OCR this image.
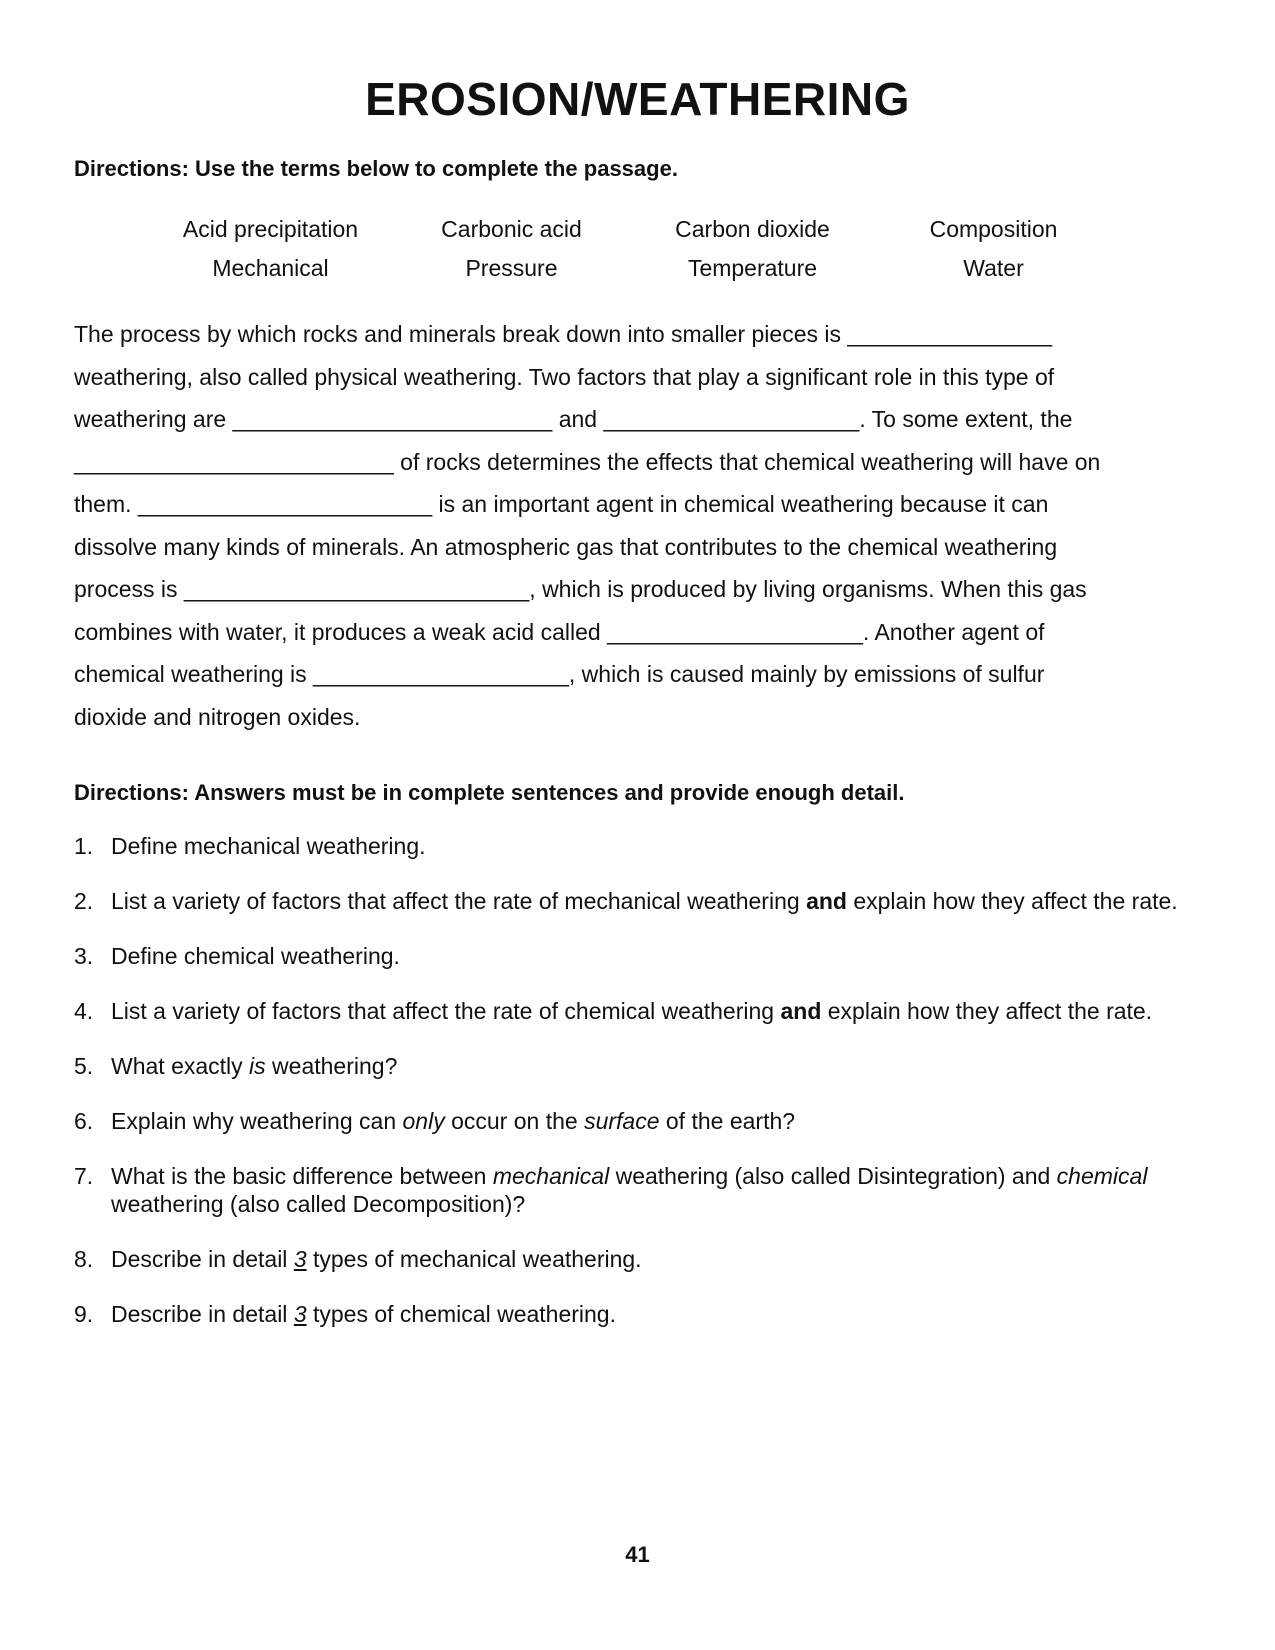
EROSION/WEATHERING

Directions: Use the terms below to complete the passage.

Acid precipitation	Carbonic acid	Carbon dioxide	Composition
Mechanical	Pressure	Temperature	Water
The process by which rocks and minerals break down into smaller pieces is ________________
weathering, also called physical weathering. Two factors that play a significant role in this type of
weathering are _________________________ and ____________________. To some extent, the
_________________________ of rocks determines the effects that chemical weathering will have on
them. _______________________ is an important agent in chemical weathering because it can
dissolve many kinds of minerals. An atmospheric gas that contributes to the chemical weathering
process is ___________________________, which is produced by living organisms. When this gas
combines with water, it produces a weak acid called ____________________. Another agent of
chemical weathering is ____________________, which is caused mainly by emissions of sulfur
dioxide and nitrogen oxides.

Directions: Answers must be in complete sentences and provide enough detail.

1. Define mechanical weathering.
2. List a variety of factors that affect the rate of mechanical weathering and explain how they affect the rate.
3. Define chemical weathering.
4. List a variety of factors that affect the rate of chemical weathering and explain how they affect the rate.
5. What exactly is weathering?
6. Explain why weathering can only occur on the surface of the earth?
7. What is the basic difference between mechanical weathering (also called Disintegration) and chemical weathering (also called Decomposition)?
8. Describe in detail 3 types of mechanical weathering.
9. Describe in detail 3 types of chemical weathering.
41
